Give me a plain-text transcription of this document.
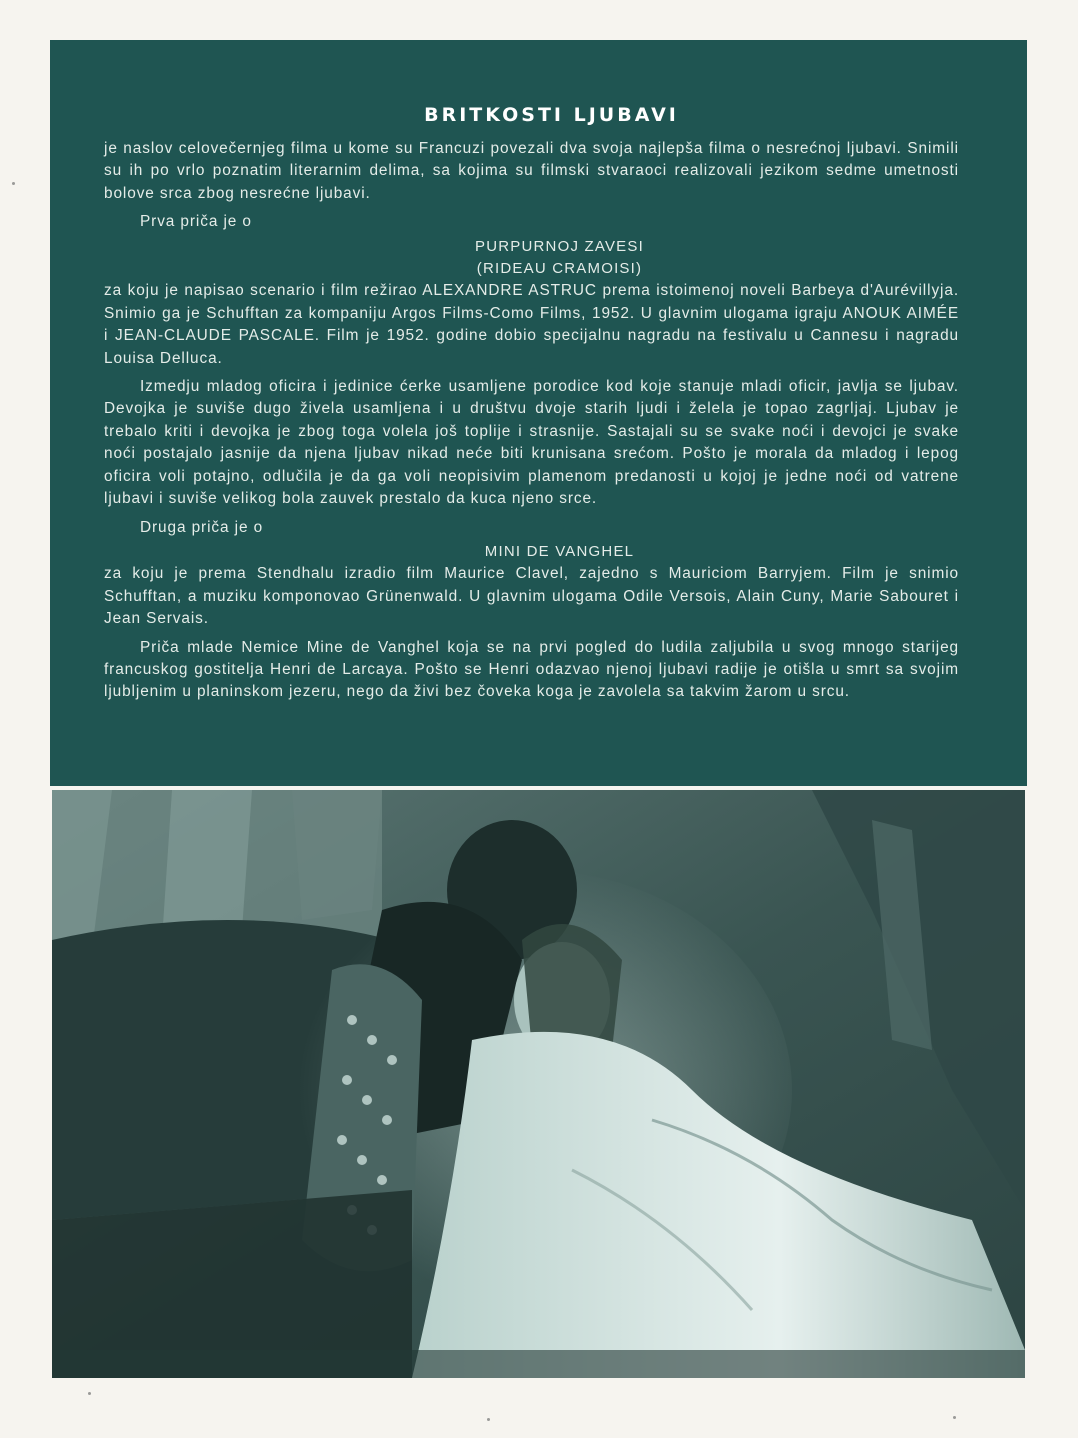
BRITKOSTI LJUBAVI

je naslov celovečernjeg filma u kome su Francuzi povezali dva svoja najlepša filma o nesrećnoj ljubavi. Snimili su ih po vrlo poznatim literarnim delima, sa kojima su filmski stvaraoci realizovali jezikom sedme umetnosti bolove srca zbog nesrećne ljubavi.

Prva priča je o

PURPURNOJ ZAVESI
(RIDEAU CRAMOISI)

za koju je napisao scenario i film režirao ALEXANDRE ASTRUC prema istoimenoj noveli Barbeya d'Aurévillyja. Snimio ga je Schufftan za kompaniju Argos Films-Como Films, 1952. U glavnim ulogama igraju ANOUK AIMÉE i JEAN-CLAUDE PASCALE. Film je 1952. godine dobio specijalnu nagradu na festivalu u Cannesu i nagradu Louisa Delluca.

Izmedju mladog oficira i jedinice ćerke usamljene porodice kod koje stanuje mladi oficir, javlja se ljubav. Devojka je suviše dugo živela usamljena i u društvu dvoje starih ljudi i želela je topao zagrljaj. Ljubav je trebalo kriti i devojka je zbog toga volela još toplije i strasnije. Sastajali su se svake noći i devojci je svake noći postajalo jasnije da njena ljubav nikad neće biti krunisana srećom. Pošto je morala da mladog i lepog oficira voli potajno, odlučila je da ga voli neopisivim plamenom predanosti u kojoj je jedne noći od vatrene ljubavi i suviše velikog bola zauvek prestalo da kuca njeno srce.

Druga priča je o

MINI DE VANGHEL

za koju je prema Stendhalu izradio film Maurice Clavel, zajedno s Mauriciom Barryjem. Film je snimio Schufftan, a muziku komponovao Grünenwald. U glavnim ulogama Odile Versois, Alain Cuny, Marie Sabouret i Jean Servais.

Priča mlade Nemice Mine de Vanghel koja se na prvi pogled do ludila zaljubila u svog mnogo starijeg francuskog gostitelja Henri de Larcaya. Pošto se Henri odazvao njenoj ljubavi radije je otišla u smrt sa svojim ljubljenim u planinskom jezeru, nego da živi bez čoveka koga je zavolela sa takvim žarom u srcu.
